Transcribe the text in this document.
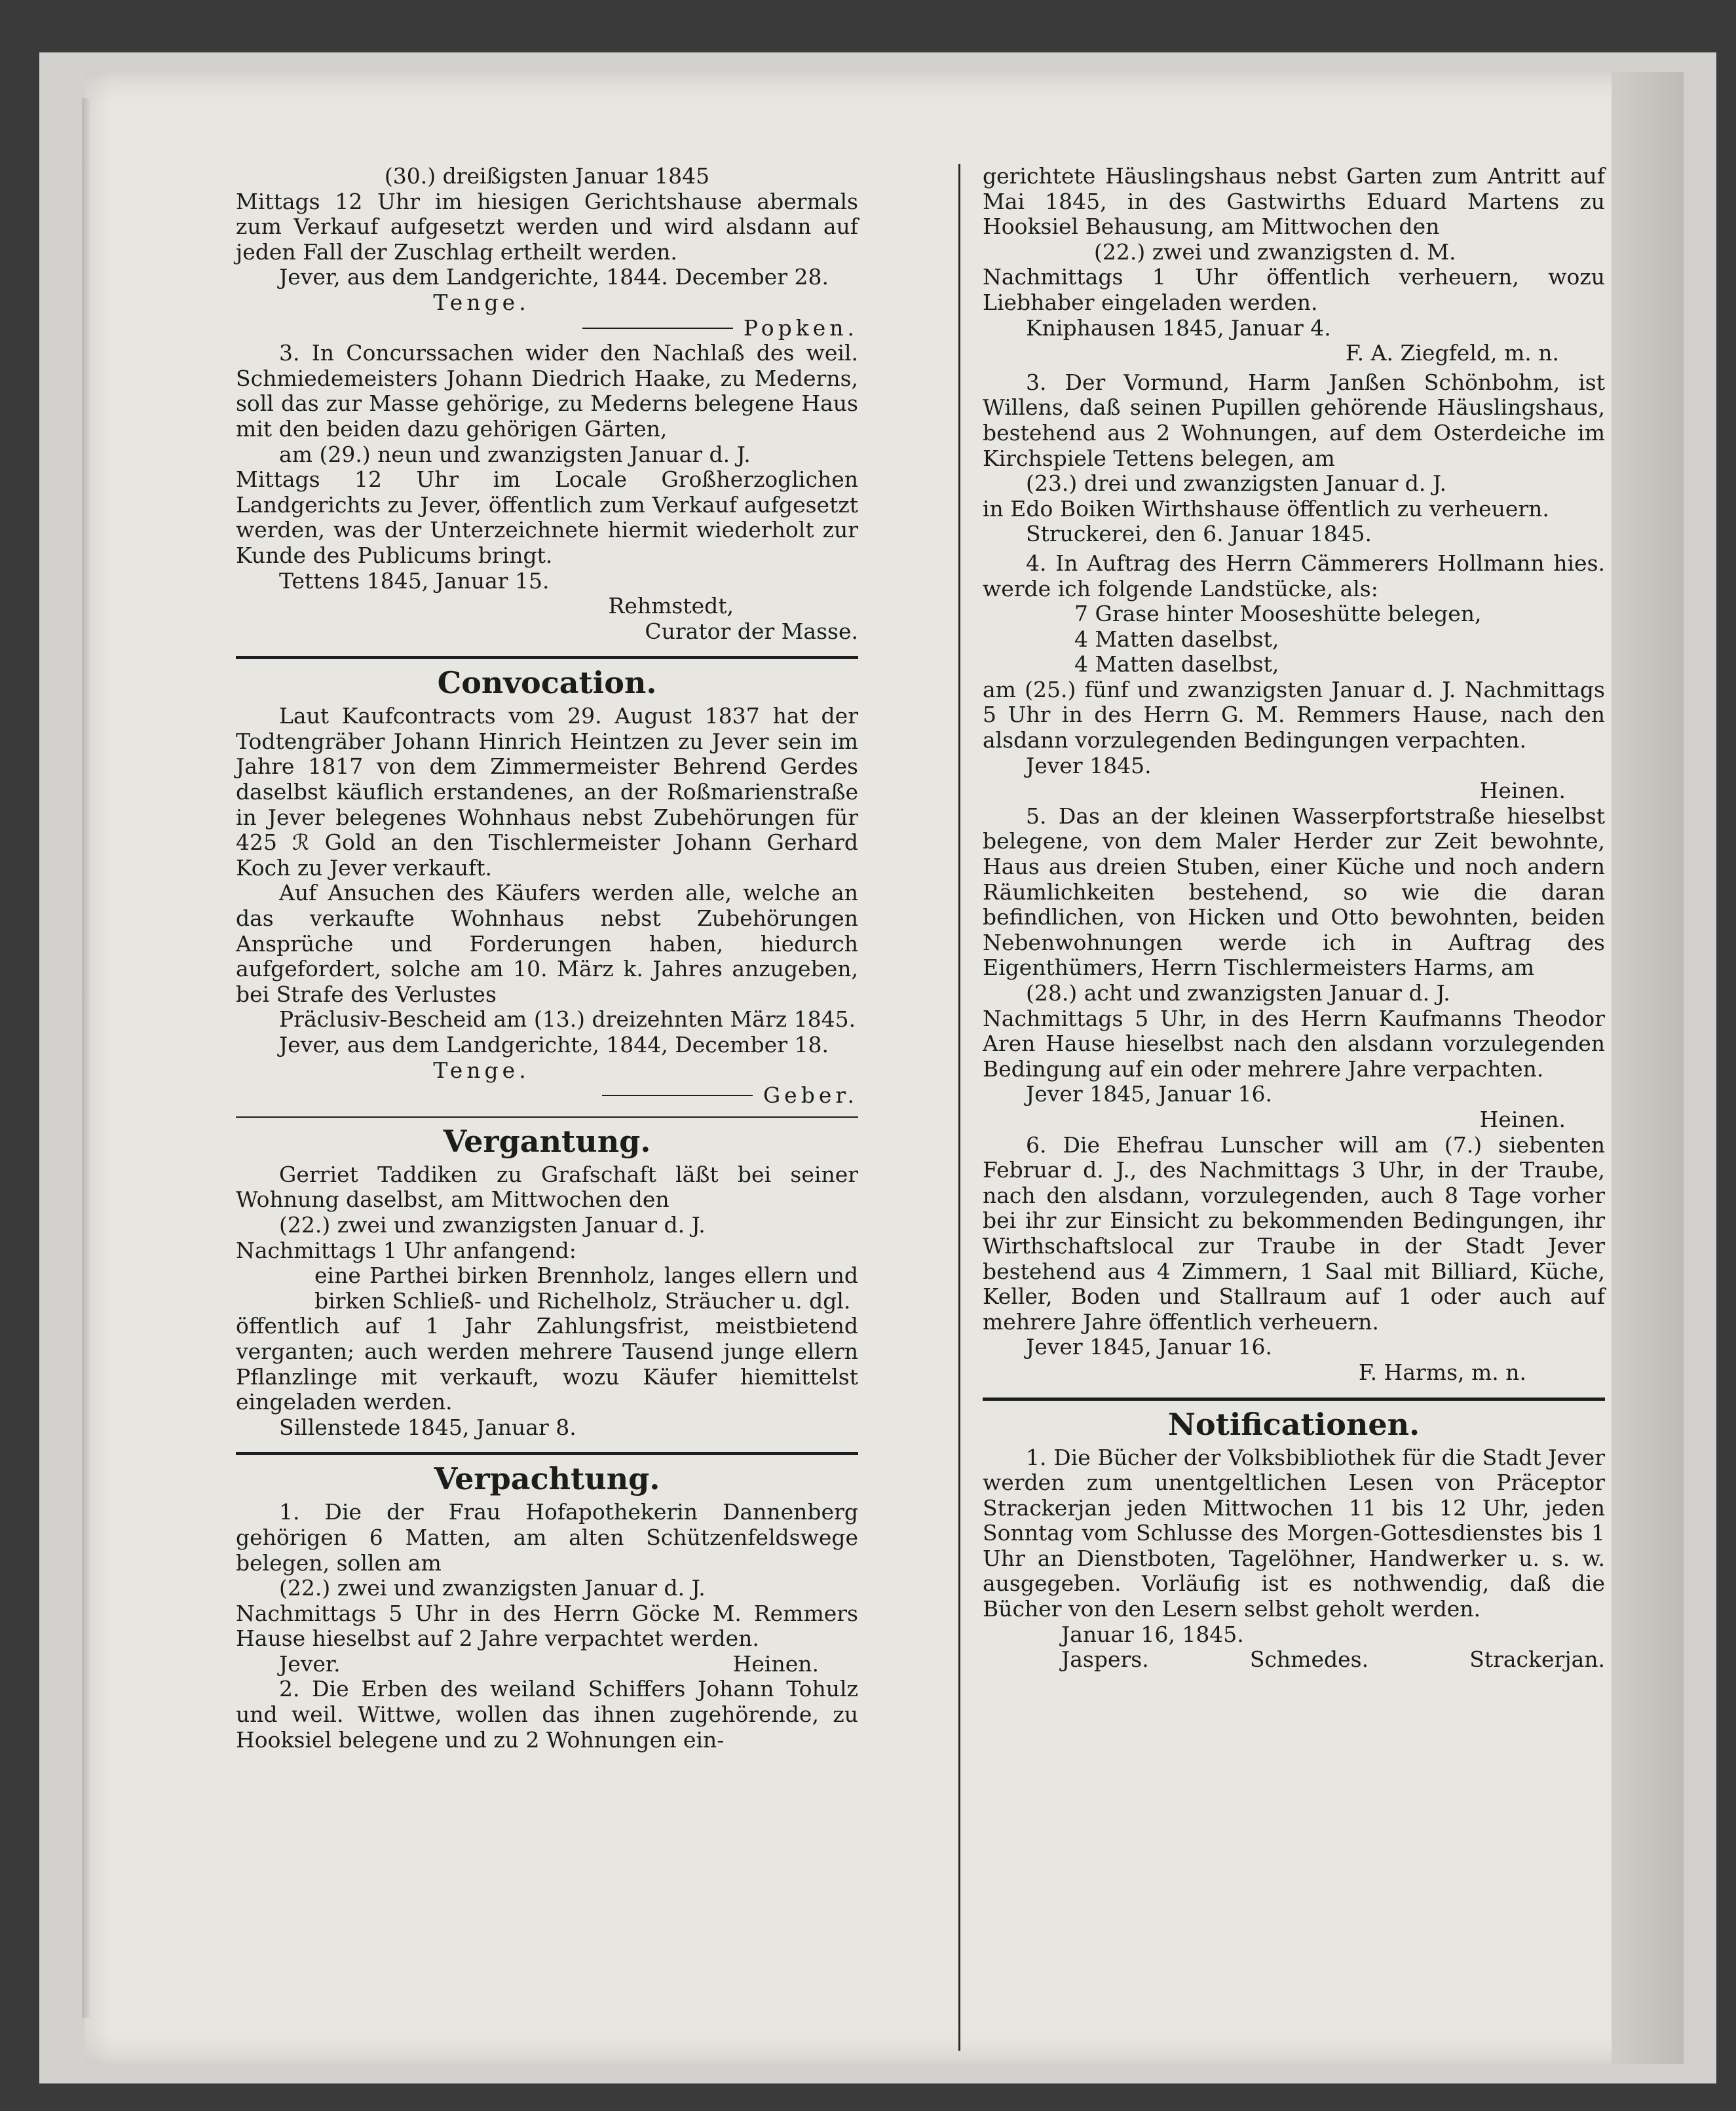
(30.) dreißigsten Januar 1845

Mittags 12 Uhr im hiesigen Gerichtshause abermals zum Verkauf aufgesetzt werden und wird alsdann auf jeden Fall der Zuschlag ertheilt werden.

Jever, aus dem Landgerichte, 1844. December 28.

Tenge.

Popken.

3. In Concurssachen wider den Nachlaß des weil. Schmiedemeisters Johann Diedrich Haake, zu Mederns, soll das zur Masse gehörige, zu Mederns belegene Haus mit den beiden dazu gehörigen Gärten,

am (29.) neun und zwanzigsten Januar d. J.

Mittags 12 Uhr im Locale Großherzoglichen Landgerichts zu Jever, öffentlich zum Verkauf aufgesetzt werden, was der Unterzeichnete hiermit wiederholt zur Kunde des Publicums bringt.

Tettens 1845, Januar 15.

Rehmstedt,

Curator der Masse.

Convocation.

Laut Kaufcontracts vom 29. August 1837 hat der Todtengräber Johann Hinrich Heintzen zu Jever sein im Jahre 1817 von dem Zimmermeister Behrend Gerdes daselbst käuflich erstandenes, an der Roßmarienstraße in Jever belegenes Wohnhaus nebst Zubehörungen für 425 ℛ Gold an den Tischlermeister Johann Gerhard Koch zu Jever verkauft.

Auf Ansuchen des Käufers werden alle, welche an das verkaufte Wohnhaus nebst Zubehörungen Ansprüche und Forderungen haben, hiedurch aufgefordert, solche am 10. März k. Jahres anzugeben, bei Strafe des Verlustes

Präclusiv-Bescheid am (13.) dreizehnten März 1845.

Jever, aus dem Landgerichte, 1844, December 18.

Tenge.

Geber.
Vergantung.

Gerriet Taddiken zu Grafschaft läßt bei seiner Wohnung daselbst, am Mittwochen den

(22.) zwei und zwanzigsten Januar d. J.

Nachmittags 1 Uhr anfangend:

eine Parthei birken Brennholz, langes ellern und birken Schließ- und Richelholz, Sträucher u. dgl.

öffentlich auf 1 Jahr Zahlungsfrist, meistbietend verganten; auch werden mehrere Tausend junge ellern Pflanzlinge mit verkauft, wozu Käufer hiemittelst eingeladen werden.

Sillenstede 1845, Januar 8.

Verpachtung.

1. Die der Frau Hofapothekerin Dannenberg gehörigen 6 Matten, am alten Schützenfeldswege belegen, sollen am

(22.) zwei und zwanzigsten Januar d. J.

Nachmittags 5 Uhr in des Herrn Göcke M. Remmers Hause hieselbst auf 2 Jahre verpachtet werden.

Jever.	Heinen.

2. Die Erben des weiland Schiffers Johann Tohulz und weil. Wittwe, wollen das ihnen zugehörende, zu Hooksiel belegene und zu 2 Wohnungen ein-

gerichtete Häuslingshaus nebst Garten zum Antritt auf Mai 1845, in des Gastwirths Eduard Martens zu Hooksiel Behausung, am Mittwochen den

(22.) zwei und zwanzigsten d. M.

Nachmittags 1 Uhr öffentlich verheuern, wozu Liebhaber eingeladen werden.

Kniphausen 1845, Januar 4.

F. A. Ziegfeld, m. n.

3. Der Vormund, Harm Janßen Schönbohm, ist Willens, daß seinen Pupillen gehörende Häuslingshaus, bestehend aus 2 Wohnungen, auf dem Osterdeiche im Kirchspiele Tettens belegen, am

(23.) drei und zwanzigsten Januar d. J.

in Edo Boiken Wirthshause öffentlich zu verheuern.

Struckerei, den 6. Januar 1845.

4. In Auftrag des Herrn Cämmerers Hollmann hies. werde ich folgende Landstücke, als:

7 Grase hinter Mooseshütte belegen,

4 Matten daselbst,

4 Matten daselbst,

am (25.) fünf und zwanzigsten Januar d. J. Nachmittags 5 Uhr in des Herrn G. M. Remmers Hause, nach den alsdann vorzulegenden Bedingungen verpachten.

Jever 1845.

Heinen.

5. Das an der kleinen Wasserpfortstraße hieselbst belegene, von dem Maler Herder zur Zeit bewohnte, Haus aus dreien Stuben, einer Küche und noch andern Räumlichkeiten bestehend, so wie die daran befindlichen, von Hicken und Otto bewohnten, beiden Nebenwohnungen werde ich in Auftrag des Eigenthümers, Herrn Tischlermeisters Harms, am

(28.) acht und zwanzigsten Januar d. J.

Nachmittags 5 Uhr, in des Herrn Kaufmanns Theodor Aren Hause hieselbst nach den alsdann vorzulegenden Bedingung auf ein oder mehrere Jahre verpachten.

Jever 1845, Januar 16.

Heinen.

6. Die Ehefrau Lunscher will am (7.) siebenten Februar d. J., des Nachmittags 3 Uhr, in der Traube, nach den alsdann, vorzulegenden, auch 8 Tage vorher bei ihr zur Einsicht zu bekommenden Bedingungen, ihr Wirthschaftslocal zur Traube in der Stadt Jever bestehend aus 4 Zimmern, 1 Saal mit Billiard, Küche, Keller, Boden und Stallraum auf 1 oder auch auf mehrere Jahre öffentlich verheuern.

Jever 1845, Januar 16.

F. Harms, m. n.

Notificationen.

1. Die Bücher der Volksbibliothek für die Stadt Jever werden zum unentgeltlichen Lesen von Präceptor Strackerjan jeden Mittwochen 11 bis 12 Uhr, jeden Sonntag vom Schlusse des Morgen-Gottesdienstes bis 1 Uhr an Dienstboten, Tagelöhner, Handwerker u. s. w. ausgegeben. Vorläufig ist es nothwendig, daß die Bücher von den Lesern selbst geholt werden.

Januar 16, 1845.

Jaspers.	Schmedes.	Strackerjan.
